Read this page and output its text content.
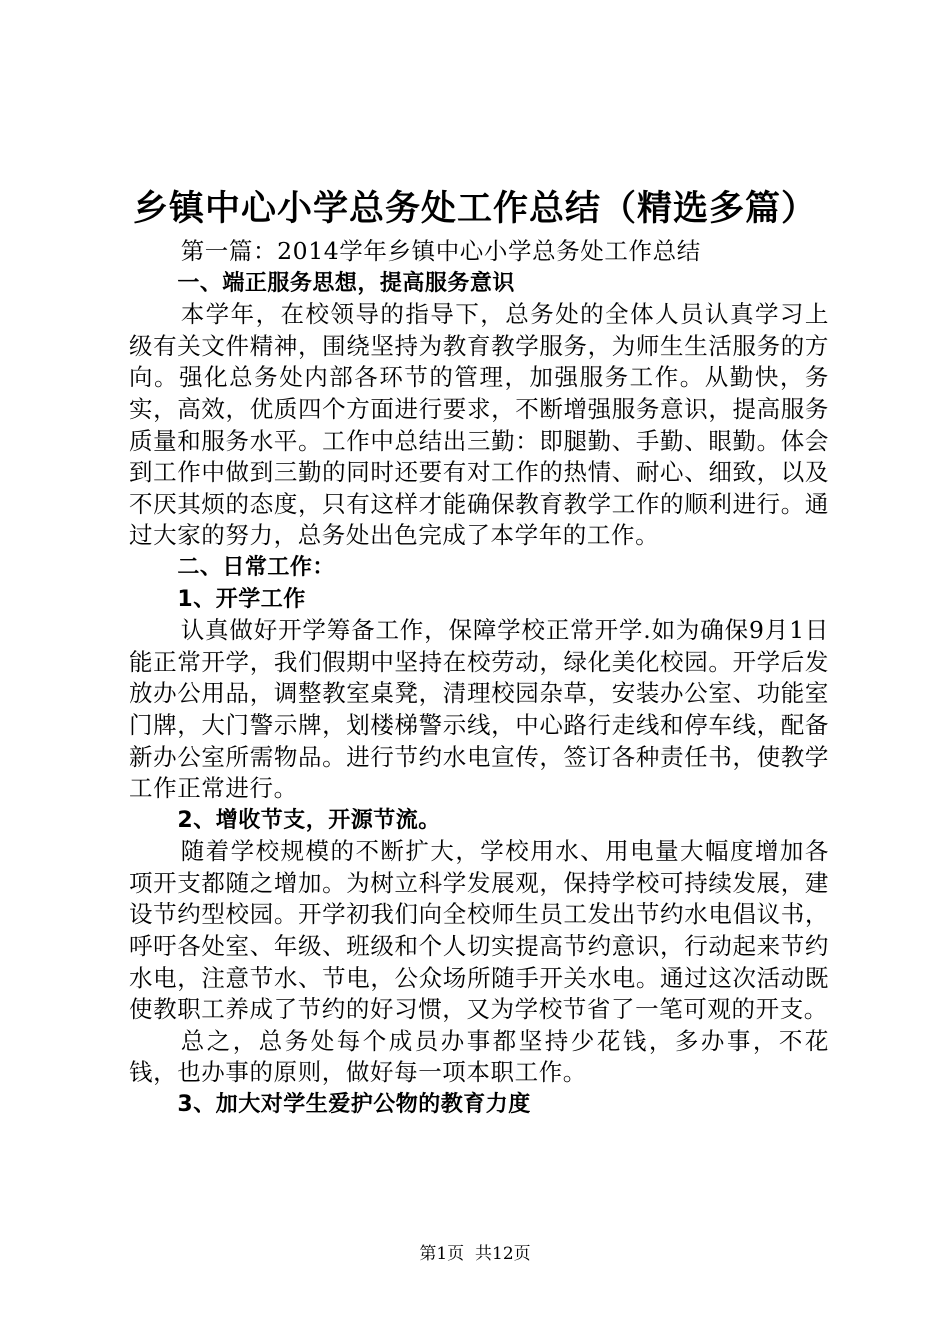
乡镇中心小学总务处工作总结（精选多篇）

第一篇：2014学年乡镇中心小学总务处工作总结

一、端正服务思想，提高服务意识

本学年，在校领导的指导下，总务处的全体人员认真学习上级有关文件精神，围绕坚持为教育教学服务，为师生生活服务的方向。强化总务处内部各环节的管理，加强服务工作。从勤快，务实，高效，优质四个方面进行要求，不断增强服务意识，提高服务质量和服务水平。工作中总结出三勤：即腿勤、手勤、眼勤。体会到工作中做到三勤的同时还要有对工作的热情、耐心、细致，以及不厌其烦的态度，只有这样才能确保教育教学工作的顺利进行。通过大家的努力，总务处出色完成了本学年的工作。

二、日常工作：

1、开学工作

认真做好开学筹备工作，保障学校正常开学.如为确保9月1日能正常开学，我们假期中坚持在校劳动，绿化美化校园。开学后发放办公用品，调整教室桌凳，清理校园杂草，安装办公室、功能室门牌，大门警示牌，划楼梯警示线，中心路行走线和停车线，配备新办公室所需物品。进行节约水电宣传，签订各种责任书，使教学工作正常进行。

2、增收节支，开源节流。

随着学校规模的不断扩大，学校用水、用电量大幅度增加各项开支都随之增加。为树立科学发展观，保持学校可持续发展，建设节约型校园。开学初我们向全校师生员工发出节约水电倡议书，呼吁各处室、年级、班级和个人切实提高节约意识，行动起来节约水电，注意节水、节电，公众场所随手开关水电。通过这次活动既使教职工养成了节约的好习惯，又为学校节省了一笔可观的开支。

总之，总务处每个成员办事都坚持少花钱，多办事，不花钱，也办事的原则，做好每一项本职工作。

3、加大对学生爱护公物的教育力度

第1页 共12页
